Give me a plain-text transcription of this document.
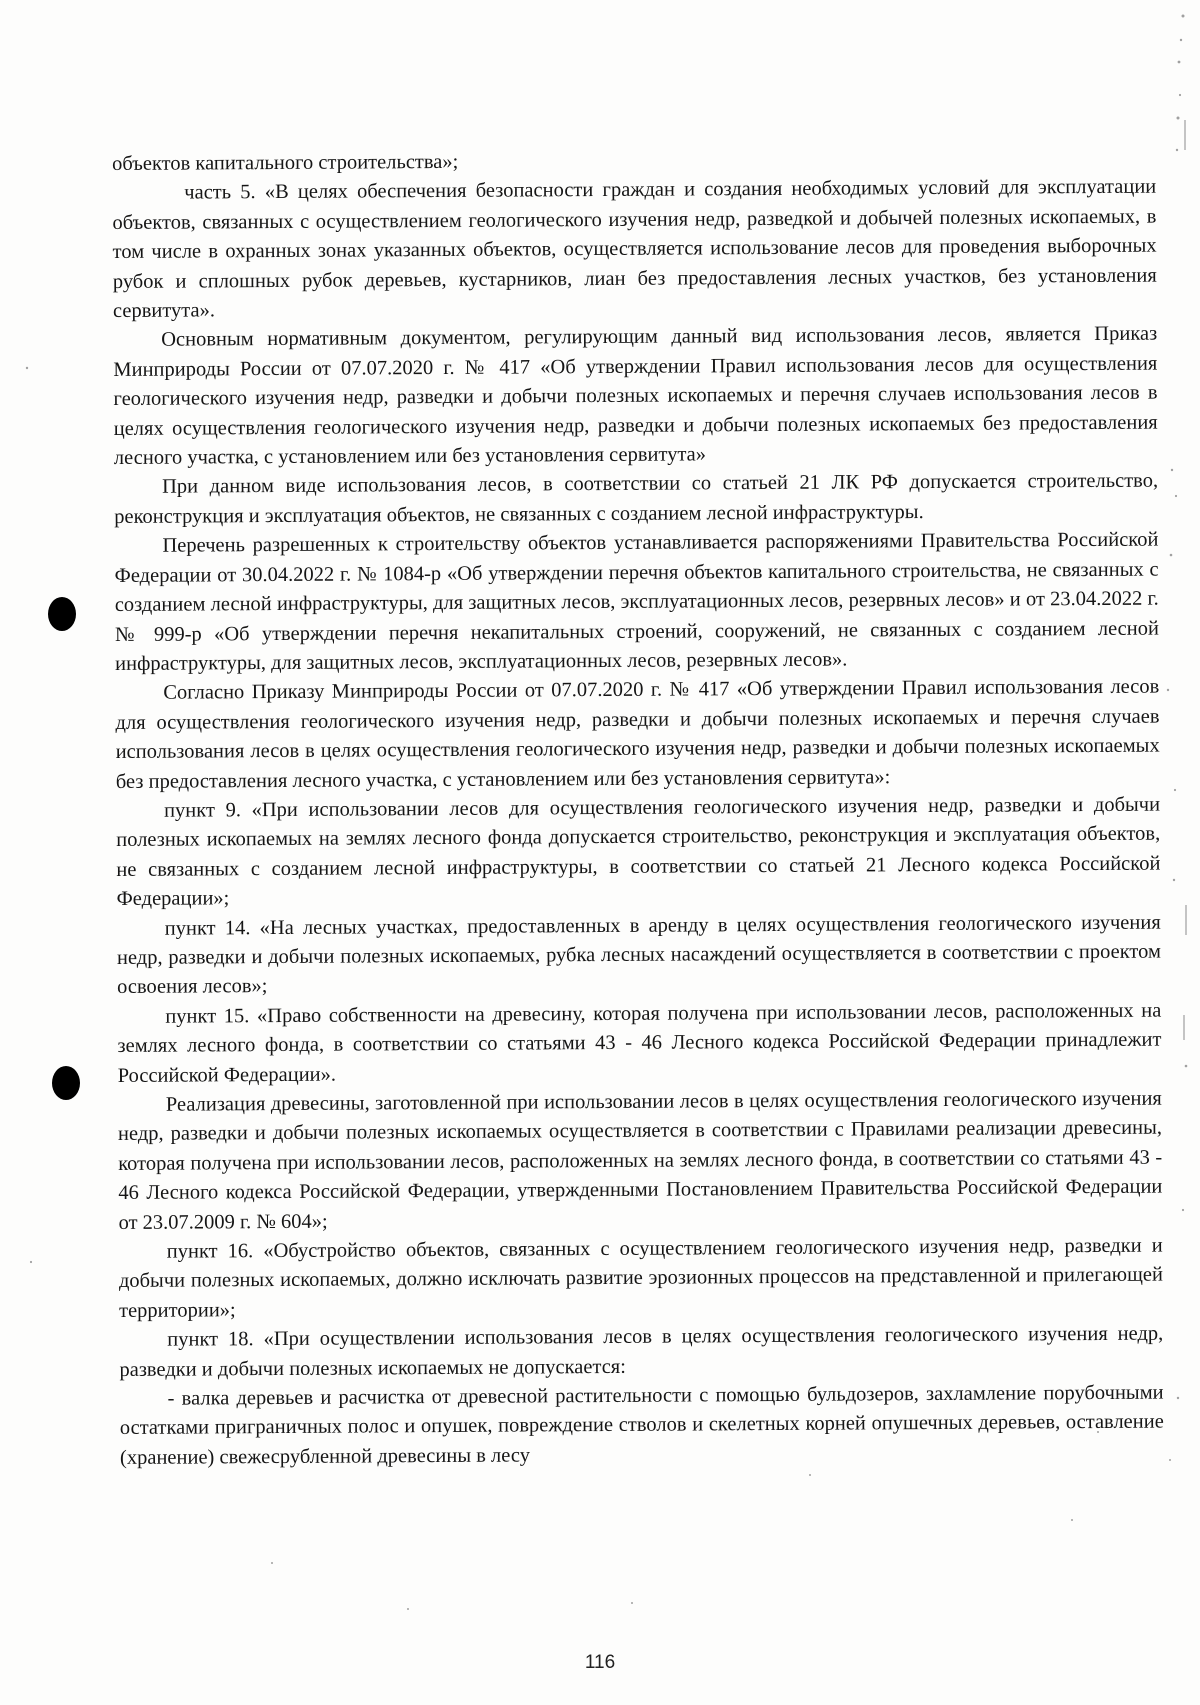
объектов капитального строительства»;

часть 5. «В целях обеспечения безопасности граждан и создания необходимых условий для эксплуатации объектов, связанных с осуществлением геологического изучения недр, разведкой и добычей полезных ископаемых, в том числе в охранных зонах указанных объектов, осуществляется использование лесов для проведения выборочных рубок и сплошных рубок деревьев, кустарников, лиан без предоставления лесных участков, без установления сервитута».

Основным нормативным документом, регулирующим данный вид использования лесов, является Приказ Минприроды России от 07.07.2020 г. № 417 «Об утверждении Правил использования лесов для осуществления геологического изучения недр, разведки и добычи полезных ископаемых и перечня случаев использования лесов в целях осуществления геологического изучения недр, разведки и добычи полезных ископаемых без предоставления лесного участка, с установлением или без установления сервитута»

При данном виде использования лесов, в соответствии со статьей 21 ЛК РФ допускается строительство, реконструкция и эксплуатация объектов, не связанных с созданием лесной инфраструктуры.

Перечень разрешенных к строительству объектов устанавливается распоряжениями Правительства Российской Федерации от 30.04.2022 г. № 1084-р «Об утверждении перечня объектов капитального строительства, не связанных с созданием лесной инфраструктуры, для защитных лесов, эксплуатационных лесов, резервных лесов» и от 23.04.2022 г. № 999-р «Об утверждении перечня некапитальных строений, сооружений, не связанных с созданием лесной инфраструктуры, для защитных лесов, эксплуатационных лесов, резервных лесов».

Согласно Приказу Минприроды России от 07.07.2020 г. № 417 «Об утверждении Правил использования лесов для осуществления геологического изучения недр, разведки и добычи полезных ископаемых и перечня случаев использования лесов в целях осуществления геологического изучения недр, разведки и добычи полезных ископаемых без предоставления лесного участка, с установлением или без установления сервитута»:

пункт 9. «При использовании лесов для осуществления геологического изучения недр, разведки и добычи полезных ископаемых на землях лесного фонда допускается строительство, реконструкция и эксплуатация объектов, не связанных с созданием лесной инфраструктуры, в соответствии со статьей 21 Лесного кодекса Российской Федерации»;

пункт 14. «На лесных участках, предоставленных в аренду в целях осуществления геологического изучения недр, разведки и добычи полезных ископаемых, рубка лесных насаждений осуществляется в соответствии с проектом освоения лесов»;

пункт 15. «Право собственности на древесину, которая получена при использовании лесов, расположенных на землях лесного фонда, в соответствии со статьями 43 - 46 Лесного кодекса Российской Федерации принадлежит Российской Федерации».

Реализация древесины, заготовленной при использовании лесов в целях осуществления геологического изучения недр, разведки и добычи полезных ископаемых осуществляется в соответствии с Правилами реализации древесины, которая получена при использовании лесов, расположенных на землях лесного фонда, в соответствии со статьями 43 - 46 Лесного кодекса Российской Федерации, утвержденными Постановлением Правительства Российской Федерации от 23.07.2009 г. № 604»;

пункт 16. «Обустройство объектов, связанных с осуществлением геологического изучения недр, разведки и добычи полезных ископаемых, должно исключать развитие эрозионных процессов на представленной и прилегающей территории»;

пункт 18. «При осуществлении использования лесов в целях осуществления геологического изучения недр, разведки и добычи полезных ископаемых не допускается:

- валка деревьев и расчистка от древесной растительности с помощью бульдозеров, захламление порубочными остатками приграничных полос и опушек, повреждение стволов и скелетных корней опушечных деревьев, оставление (хранение) свежесрубленной древесины в лесу

116
